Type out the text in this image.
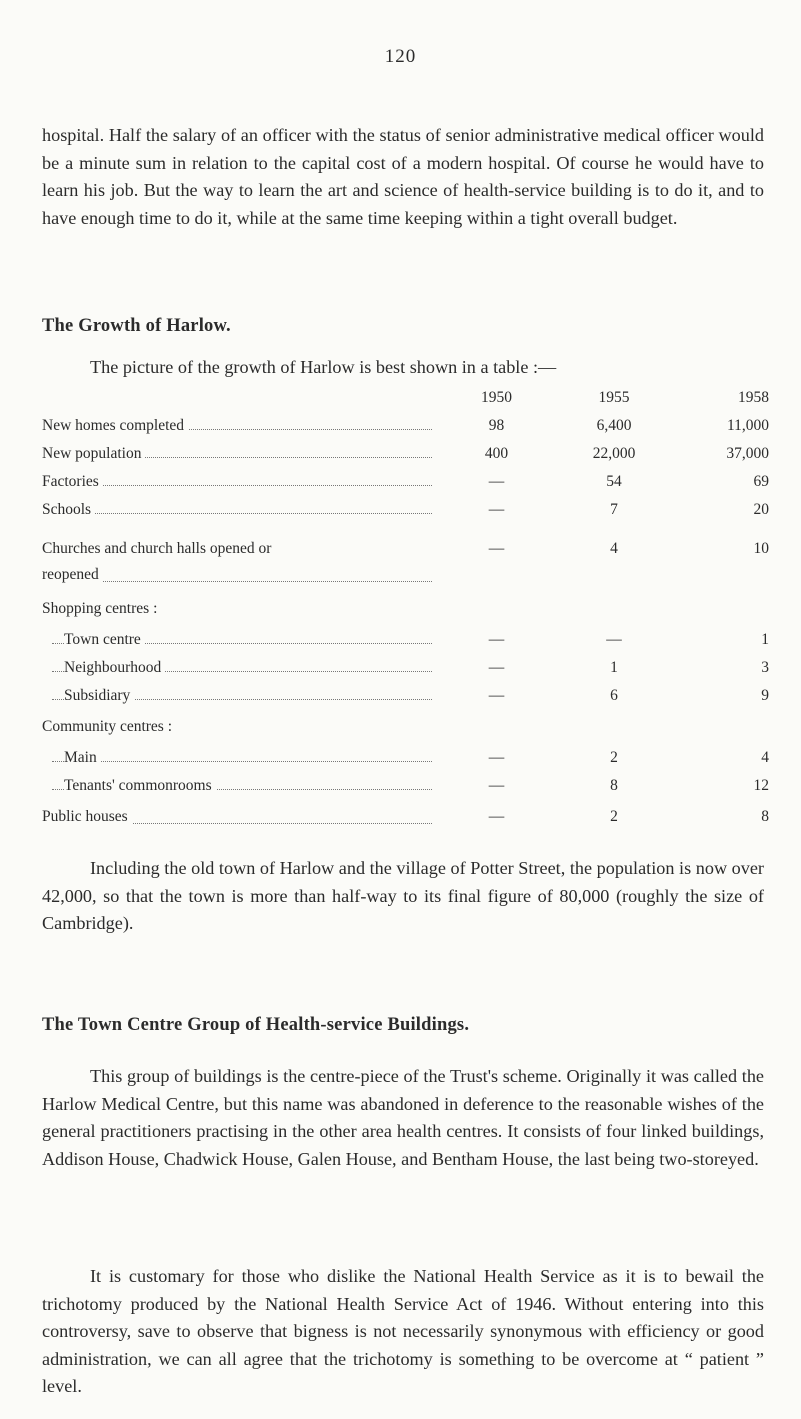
120

hospital. Half the salary of an officer with the status of senior administrative medical officer would be a minute sum in relation to the capital cost of a modern hospital. Of course he would have to learn his job. But the way to learn the art and science of health-service building is to do it, and to have enough time to do it, while at the same time keeping within a tight overall budget.

The Growth of Harlow.

The picture of the growth of Harlow is best shown in a table :—

	1950	1955	1958
New homes completed	98	6,400	11,000
New population	400	22,000	37,000
Factories	—	54	69
Schools	—	7	20
Churches and church halls opened or	—	4	10
reopened			
Shopping centres :			
Town centre	—	—	1
Neighbourhood	—	1	3
Subsidiary	—	6	9
Community centres :			
Main	—	2	4
Tenants' commonrooms	—	8	12
Public houses	—	2	8

Including the old town of Harlow and the village of Potter Street, the population is now over 42,000, so that the town is more than half-way to its final figure of 80,000 (roughly the size of Cambridge).

The Town Centre Group of Health-service Buildings.

This group of buildings is the centre-piece of the Trust's scheme. Originally it was called the Harlow Medical Centre, but this name was abandoned in deference to the reasonable wishes of the general practitioners practising in the other area health centres. It consists of four linked buildings, Addison House, Chadwick House, Galen House, and Bentham House, the last being two-storeyed.

It is customary for those who dislike the National Health Service as it is to bewail the trichotomy produced by the National Health Service Act of 1946. Without entering into this controversy, save to observe that bigness is not necessarily synonymous with efficiency or good administration, we can all agree that the trichotomy is something to be overcome at “ patient ” level.
